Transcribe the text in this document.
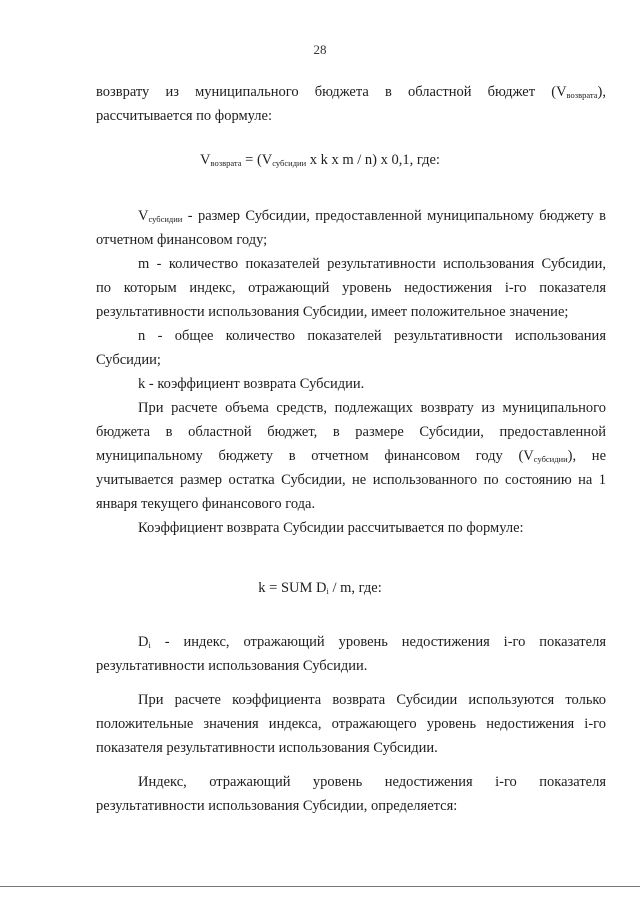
28
возврату из муниципального бюджета в областной бюджет $(V_{возврата})$,
рассчитывается по формуле:
$V_{возврата} = (V_{субсидии}$ x k x m / n) x 0,1, где:
$V_{субсидии}$ - размер Субсидии, предоставленной муниципальному бюджету в
отчетном финансовом году;
m - количество показателей результативности использования Субсидии,
по которым индекс, отражающий уровень недостижения i-го показателя
результативности использования Субсидии, имеет положительное значение;
n - общее количество показателей результативности использования
Субсидии;
k - коэффициент возврата Субсидии.
При расчете объема средств, подлежащих возврату из муниципального
бюджета в областной бюджет, в размере Субсидии, предоставленной
муниципальному бюджету в отчетном финансовом году $(V_{субсидии})$, не
учитывается размер остатка Субсидии, не использованного по состоянию на 1
января текущего финансового года.
Коэффициент возврата Субсидии рассчитывается по формуле:
k = SUM $D_i$ / m, где:
$D_i$ - индекс, отражающий уровень недостижения i-го показателя
результативности использования Субсидии.
При расчете коэффициента возврата Субсидии используются только
положительные значения индекса, отражающего уровень недостижения i-го
показателя результативности использования Субсидии.
Индекс, отражающий уровень недостижения i-го показателя
результативности использования Субсидии, определяется:
